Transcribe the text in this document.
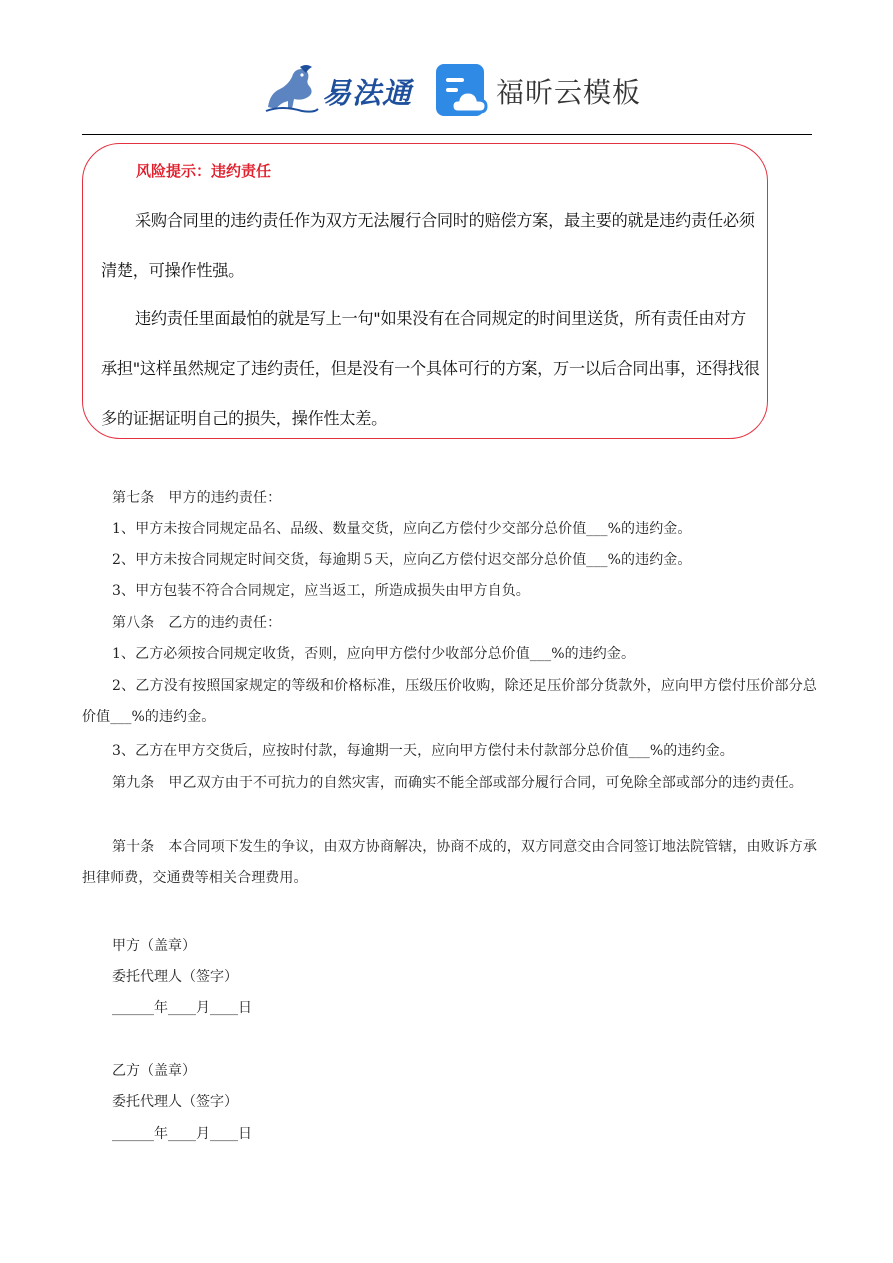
易法通	福昕云模板
风险提示：违约责任

采购合同里的违约责任作为双方无法履行合同时的赔偿方案，最主要的就是违约责任必须清楚，可操作性强。

违约责任里面最怕的就是写上一句"如果没有在合同规定的时间里送货，所有责任由对方承担"这样虽然规定了违约责任，但是没有一个具体可行的方案，万一以后合同出事，还得找很多的证据证明自己的损失，操作性太差。

第七条　甲方的违约责任：

1、甲方未按合同规定品名、品级、数量交货，应向乙方偿付少交部分总价值___%的违约金。

2、甲方未按合同规定时间交货，每逾期５天，应向乙方偿付迟交部分总价值___%的违约金。

3、甲方包装不符合合同规定，应当返工，所造成损失由甲方自负。

第八条　乙方的违约责任：

1、乙方必须按合同规定收货，否则，应向甲方偿付少收部分总价值___%的违约金。

2、乙方没有按照国家规定的等级和价格标准，压级压价收购，除还足压价部分货款外，应向甲方偿付压价部分总价值___%的违约金。

3、乙方在甲方交货后，应按时付款，每逾期一天，应向甲方偿付未付款部分总价值___%的违约金。

第九条　甲乙双方由于不可抗力的自然灾害，而确实不能全部或部分履行合同，可免除全部或部分的违约责任。

第十条　本合同项下发生的争议，由双方协商解决，协商不成的，双方同意交由合同签订地法院管辖，由败诉方承担律师费，交通费等相关合理费用。

甲方（盖章）

委托代理人（签字）

______年____月____日

乙方（盖章）

委托代理人（签字）

______年____月____日
